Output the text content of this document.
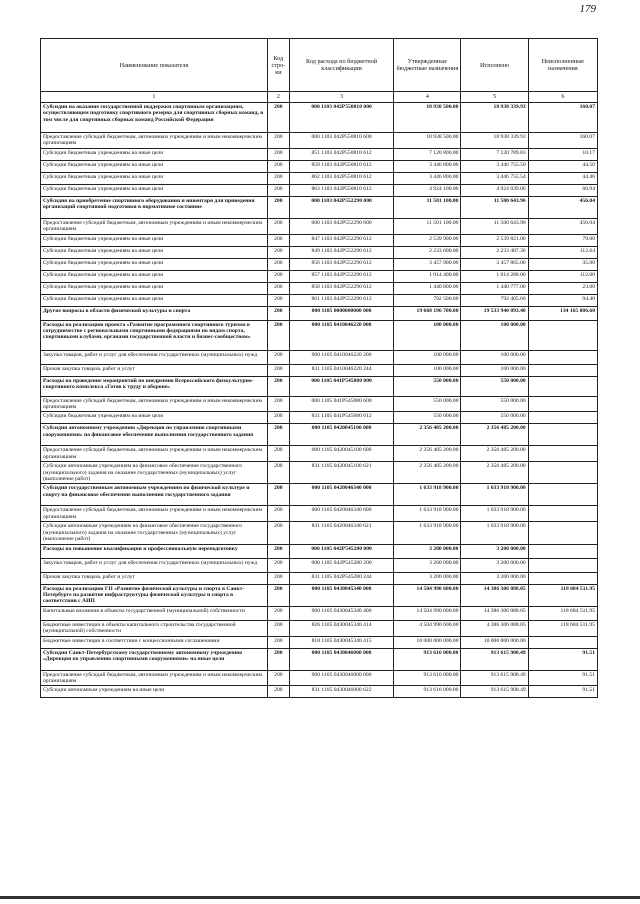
179
Наименование показателя	Код стро-ки	Код расхода по бюджетной классификации	Утвержденные бюджетные назначения	Исполнено	Неисполненные назначения
1	2	3	4	5	6
Субсидии на оказание государственной поддержки спортивным организациям, осуществляющим подготовку спортивного резерва для спортивных сборных команд, в том числе для спортивных сборных команд Российской Федерации	200	000 1103 042Р550810 000	18 938 500.00	18 938 339.93	160.07
Предоставление субсидий бюджетным, автономным учреждениям и иным некоммерческим организациям	200	000 1103 042Р550810 600	18 938 500.00	18 938 339.93	160.07
Субсидии бюджетным учреждениям на иные цели	200	851 1103 042Р550810 612	7 120 800.00	7 120 789.83	10.17
Субсидии бюджетным учреждениям на иные цели	200	859 1103 042Р550810 612	3 446 800.00	3 446 755.50	44.50
Субсидии бюджетным учреждениям на иные цели	200	862 1103 042Р550810 612	3 446 800.00	3 446 755.54	44.46
Субсидии бюджетным учреждениям на иные цели	200	863 1103 042Р550810 612	4 924 100.00	4 924 039.06	60.94
Субсидия на приобретение спортивного оборудования и инвентаря для приведения организаций спортивной подготовки в нормативное состояние	200	000 1103 042Р552290 000	11 501 100.00	11 500 643.96	456.04
Предоставление субсидий бюджетным, автономным учреждениям и иным некоммерческим организациям	200	000 1103 042Р552290 600	11 501 100.00	11 500 643.96	456.04
Субсидии бюджетным учреждениям на иные цели	200	847 1103 042Р552290 612	2 539 900.00	2 539 821.00	79.00
Субсидии бюджетным учреждениям на иные цели	200	849 1103 042Р552290 612	2 233 600.00	2 233 487.36	112.64
Субсидии бюджетным учреждениям на иные цели	200	856 1103 042Р552290 612	3 457 900.00	3 457 865.00	35.00
Субсидии бюджетным учреждениям на иные цели	200	857 1103 042Р552290 612	1 014 400.00	1 014 288.00	112.00
Субсидии бюджетным учреждениям на иные цели	200	858 1103 042Р552290 612	1 440 800.00	1 440 777.00	23.00
Субсидии бюджетным учреждениям на иные цели	200	861 1103 042Р552290 612	792 500.00	792 405.60	94.40
Другие вопросы в области физической культуры и спорта	200	000 1105 0000000000 000	19 668 196 700.00	19 533 940 893.40	134 165 806.60
Расходы на реализацию проекта «Развитие программного спортивного туризма в сотрудничестве с региональными спортивными федерациями по видам спорта, спортивными клубами, органами государственной власти и бизнес-сообществом»	200	000 1105 0410046220 000	100 000.00	100 000.00	
Закупка товаров, работ и услуг для обеспечения государственных (муниципальных) нужд	200	000 1105 0410046220 200	100 000.00	100 000.00	
Прочая закупка товаров, работ и услуг	200	831 1105 0410046220 244	100 000.00	100 000.00	
Расходы на проведение мероприятий по внедрению Всероссийского физкультурно-спортивного комплекса «Готов к труду и обороне»	200	000 1105 041Р545080 000	550 000.00	550 000.00	
Предоставление субсидий бюджетным, автономным учреждениям и иным некоммерческим организациям	200	000 1105 041Р545080 600	550 000.00	550 000.00	
Субсидии бюджетным учреждениям на иные цели	200	831 1105 041Р545080 612	550 000.00	550 000.00	
Субсидия автономному учреждению «Дирекция по управлению спортивными сооружениями» на финансовое обеспечение выполнения государственного задания	200	000 1105 0420045100 000	2 356 485 200.00	2 356 485 200.00	
Предоставление субсидий бюджетным, автономным учреждениям и иным некоммерческим организациям	200	000 1105 0420045100 600	2 356 485 200.00	2 356 485 200.00	
Субсидии автономным учреждениям на финансовое обеспечение государственного (муниципального) задания на оказание государственных (муниципальных) услуг (выполнение работ)	200	831 1105 0420045100 621	2 356 485 200.00	2 356 485 200.00	
Субсидия государственным автономным учреждениям по физической культуре и спорту на финансовое обеспечение выполнения государственного задания	200	000 1105 0420046340 000	1 633 918 900.00	1 633 918 900.00	
Предоставление субсидий бюджетным, автономным учреждениям и иным некоммерческим организациям	200	000 1105 0420046340 600	1 633 918 900.00	1 633 918 900.00	
Субсидии автономным учреждениям на финансовое обеспечение государственного (муниципального) задания на оказание государственных (муниципальных) услуг (выполнение работ)	200	831 1105 0420046340 621	1 633 918 900.00	1 633 918 900.00	
Расходы на повышение квалификации и профессиональную переподготовку	200	000 1105 042Р545280 000	3 200 000.00	3 200 000.00	
Закупка товаров, работ и услуг для обеспечения государственных (муниципальных) нужд	200	000 1105 042Р545280 200	3 200 000.00	3 200 000.00	
Прочая закупка товаров, работ и услуг	200	831 1105 042Р545280 244	3 200 000.00	3 200 000.00	
Расходы на реализацию ГП «Развитие физической культуры и спорта в Санкт-Петербурге на развитие инфраструктуры физической культуры и спорта в соответствии с АИП	200	000 1105 0430045340 000	14 504 990 600.00	14 386 306 088.05	118 684 511.95
Капитальные вложения в объекты государственной (муниципальной) собственности	200	000 1105 0430045340 400	14 504 990 600.00	14 386 306 088.05	118 684 511.95
Бюджетные инвестиции в объекты капитального строительства государственной (муниципальной) собственности	200	826 1105 0430045340 414	4 504 990 600.00	4 386 306 088.05	118 684 511.95
Бюджетные инвестиции в соответствии с концессионными соглашениями	200	818 1105 0430045340 415	10 000 000 000.00	10 000 000 000.00	
Субсидия Санкт-Петербургскому государственному автономному учреждению «Дирекция по управлению спортивными сооружениями» на иные цели	200	000 1105 0430046000 000	913 616 000.00	913 615 908.49	91.51
Предоставление субсидий бюджетным, автономным учреждениям и иным некоммерческим организациям	200	000 1105 0430046000 600	913 616 000.00	913 615 908.49	91.51
Субсидии автономным учреждениям на иные цели	200	831 1105 0430046000 622	913 616 000.00	913 615 908.49	91.51
